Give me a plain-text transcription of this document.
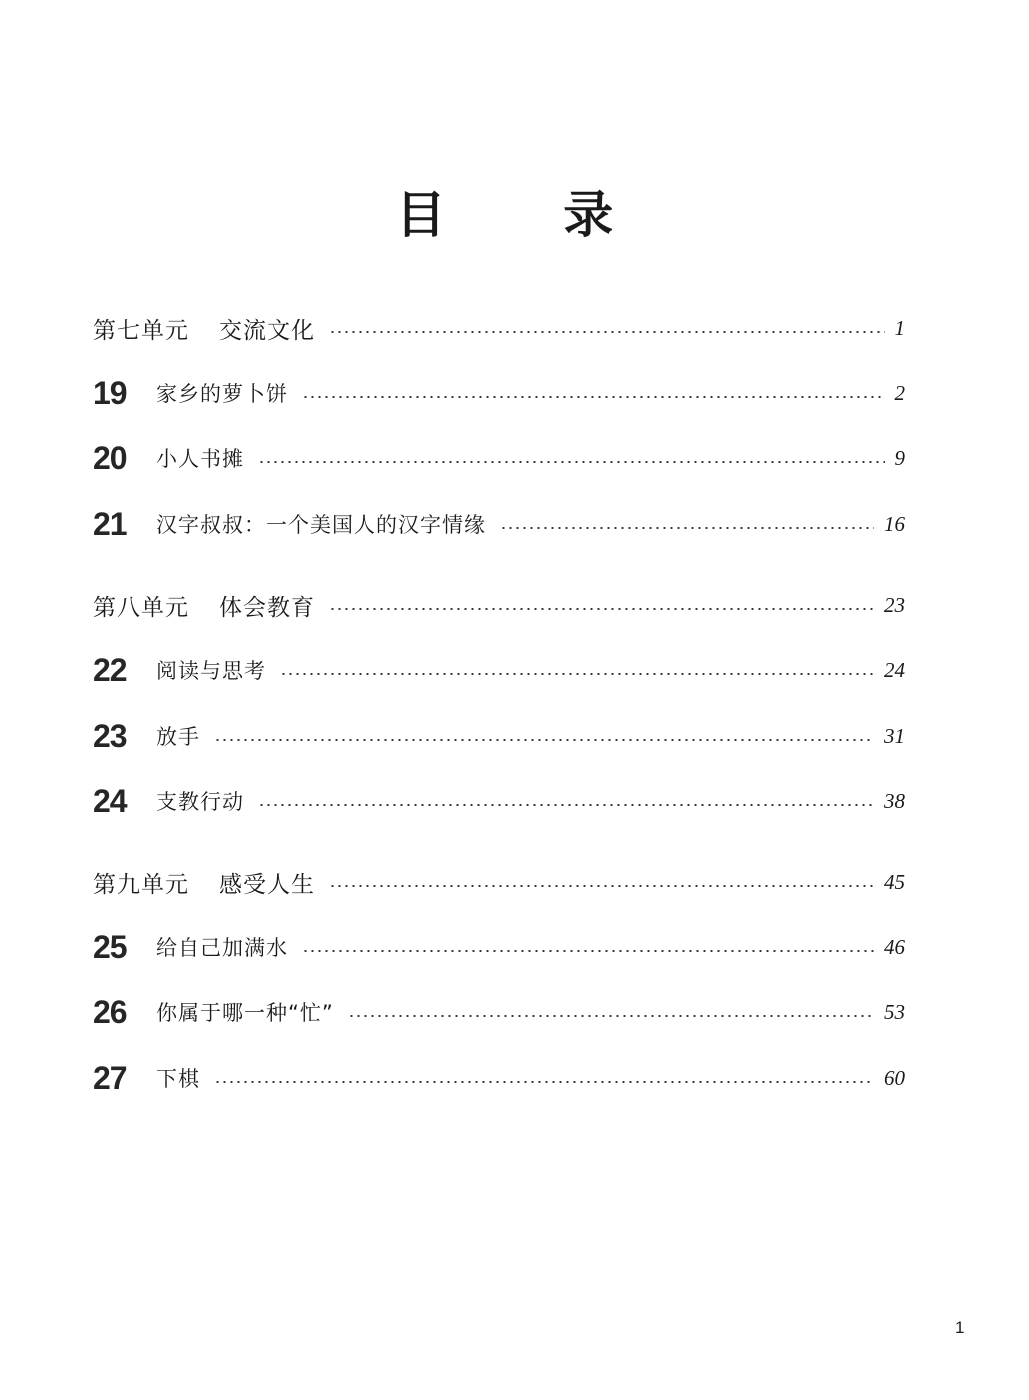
目 录
第七单元 交流文化	1
19	家乡的萝卜饼	2
20	小人书摊	9
21	汉字叔叔：一个美国人的汉字情缘	16
第八单元 体会教育	23
22	阅读与思考	24
23	放手	31
24	支教行动	38
第九单元 感受人生	45
25	给自己加满水	46
26	你属于哪一种“忙”	53
27	下棋	60
1
